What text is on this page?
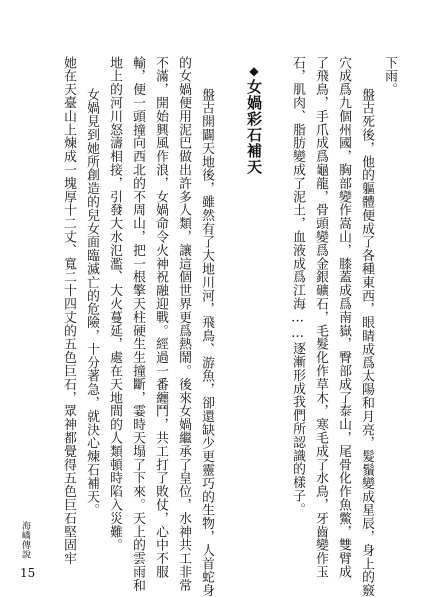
下雨。
盤古死後，他的軀體便成了各種東西，眼睛成爲太陽和月亮，髮鬚變成星辰，身上的竅
穴成爲九個州國，胸部變作嵩山，膝蓋成爲南嶽，臀部成了泰山，尾骨化作魚鱉，雙臂成
了飛鳥，手爪成爲龜龍，骨頭變爲金銀礦石，毛髮化作草木，寒毛成了水鳥，牙齒變作玉
石，肌肉、脂肪變成了泥土，血液成爲江海……逐漸形成我們所認識的樣子。
◆女媧彩石補天
盤古開闢天地後，雖然有了大地川河，飛鳥、游魚，卻還缺少更靈巧的生物，人首蛇身
的女媧便用泥巴做出許多人類，讓這個世界更爲熱鬧。後來女媧繼承了皇位，水神共工非常
不滿，開始興風作浪，女媧命令火神祝融迎戰。經過一番纏鬥，共工打了敗仗，心中不服
輸，便一頭撞向西北的不周山，把一根擎天柱硬生生撞斷，霎時天塌了下來。天上的雲雨和
地上的河川怒濤相接，引發大水氾濫、大火蔓延，處在天地間的人類頓時陷入災難。
女媧見到她所創造的兒女面臨滅亡的危險，十分著急，就決心煉石補天。
她在天臺山上煉成一塊厚十二丈、寬二十四丈的五色巨石，眾神都覺得五色巨石堅固牢
海嶠傳說
15
